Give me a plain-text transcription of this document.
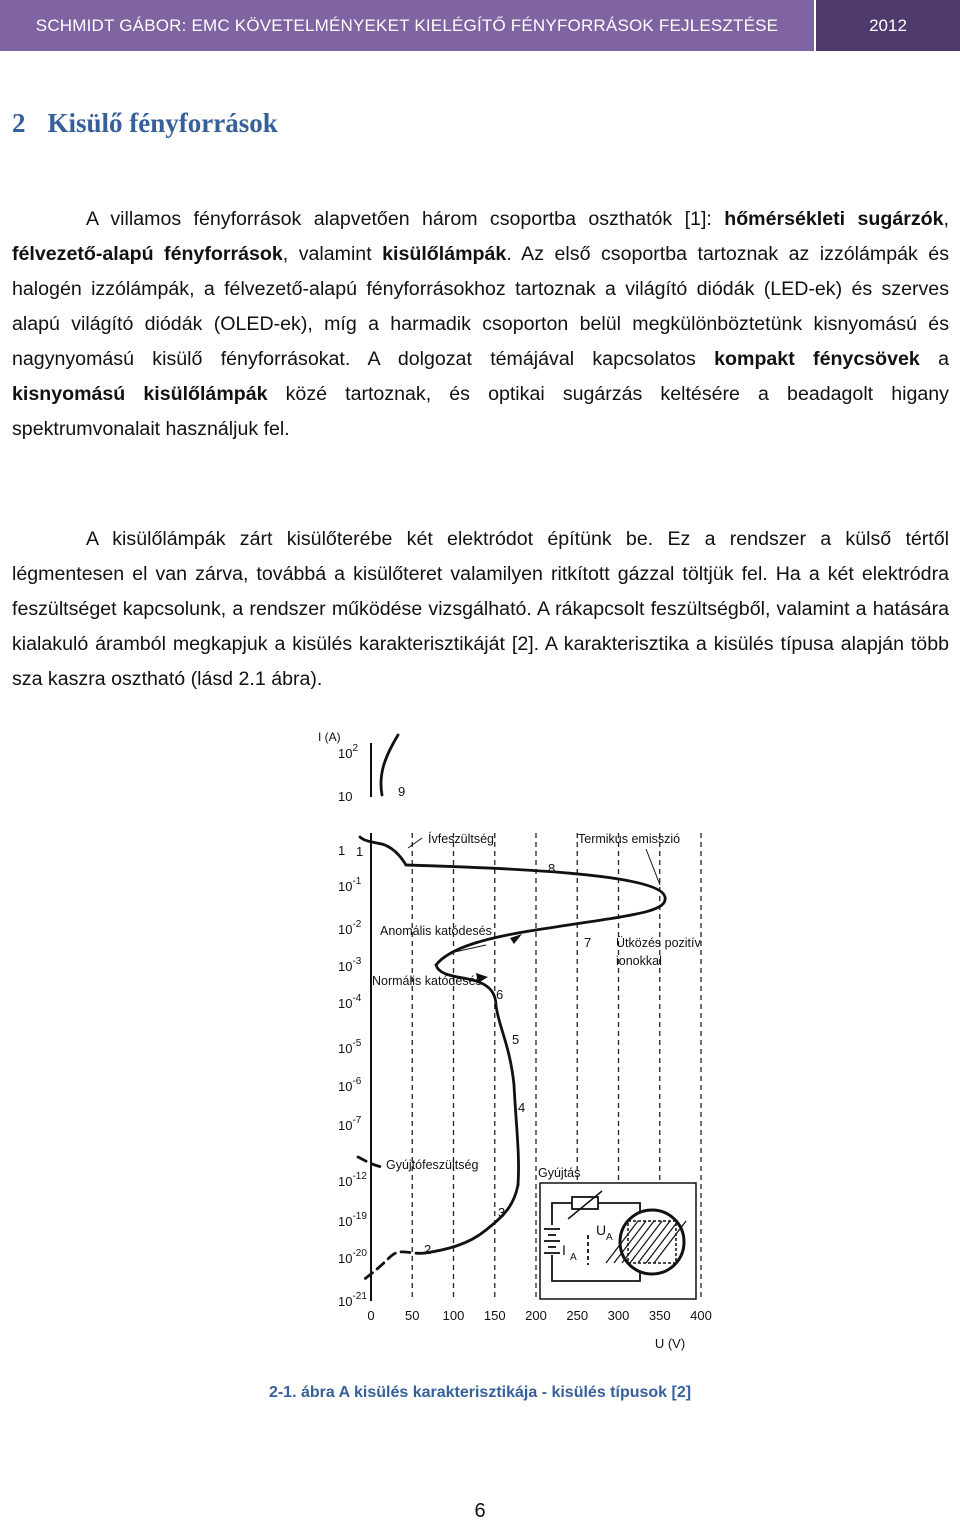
SCHMIDT GÁBOR: EMC KÖVETELMÉNYEKET KIELÉGÍTŐ FÉNYFORRÁSOK FEJLESZTÉSE	2012
2 Kisülő fényforrások

A villamos fényforrások alapvetően három csoportba oszthatók [1]: hőmérsékleti sugárzók, félvezető-alapú fényforrások, valamint kisülőlámpák. Az első csoportba tartoznak az izzólámpák és halogén izzólámpák, a félvezető-alapú fényforrásokhoz tartoznak a világító diódák (LED-ek) és szerves alapú világító diódák (OLED-ek), míg a harmadik csoporton belül megkülönböztetünk kisnyomású és nagynyomású kisülő fényforrásokat. A dolgozat témájával kapcsolatos kompakt fénycsövek a kisnyomású kisülőlámpák közé tartoznak, és optikai sugárzás keltésére a beadagolt higany spektrumvonalait használjuk fel.

A kisülőlámpák zárt kisülőterébe két elektródot építünk be. Ez a rendszer a külső tértől légmentesen el van zárva, továbbá a kisülőteret valamilyen ritkított gázzal töltjük fel. Ha a két elektródra feszültséget kapcsolunk, a rendszer működése vizsgálható. A rákapcsolt feszültségből, valamint a hatására kialakuló áramból megkapjuk a kisülés karakterisztikáját [2]. A karakterisztika a kisülés típusa alapján több sza kaszra osztható (lásd 2.1 ábra).

0 50 100 150 200 250 300 350 400
U (V)
I (A)
$10^2$
10
1
$10^{-1}$
$10^{-2}$
$10^{-3}$
$10^{-4}$
$10^{-5}$
$10^{-6}$
$10^{-7}$
$10^{-12}$
$10^{-19}$
$10^{-20}$
$10^{-21}$
Ívfeszültség	Termikus emisszió
Anomális katódesés
Ütközés pozitív
ionokkal
Normális katódesés
Gyújtófeszültség
Gyújtás
1
2
3
4
5
6
7
8
9
I A
U A
2-1. ábra A kisülés karakterisztikája - kisülés típusok [2]
6
